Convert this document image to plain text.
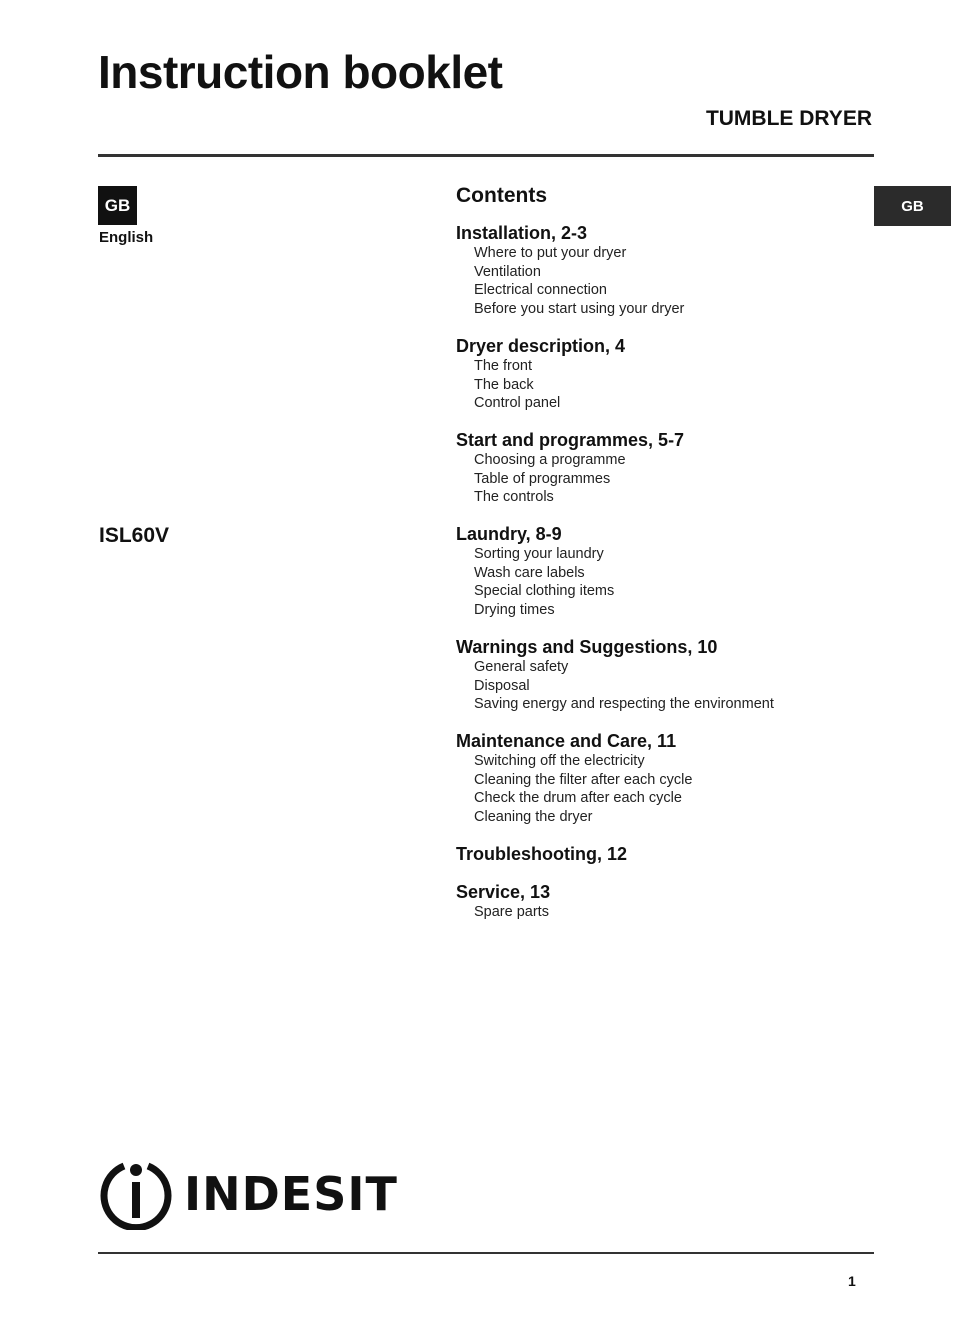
Instruction booklet
TUMBLE DRYER
GB
English
GB
ISL60V
Contents
Installation, 2-3
Where to put your dryer
Ventilation
Electrical connection
Before you start using your dryer
Dryer description, 4
The front
The back
Control panel
Start and programmes, 5-7
Choosing a programme
Table of programmes
The controls
Laundry, 8-9
Sorting your laundry
Wash care labels
Special clothing items
Drying times
Warnings and Suggestions, 10
General safety
Disposal
Saving energy and respecting the environment
Maintenance and Care, 11
Switching off the electricity
Cleaning the filter after each cycle
Check the drum after each cycle
Cleaning the dryer
Troubleshooting, 12
Service, 13
Spare parts
INDESIT
1
